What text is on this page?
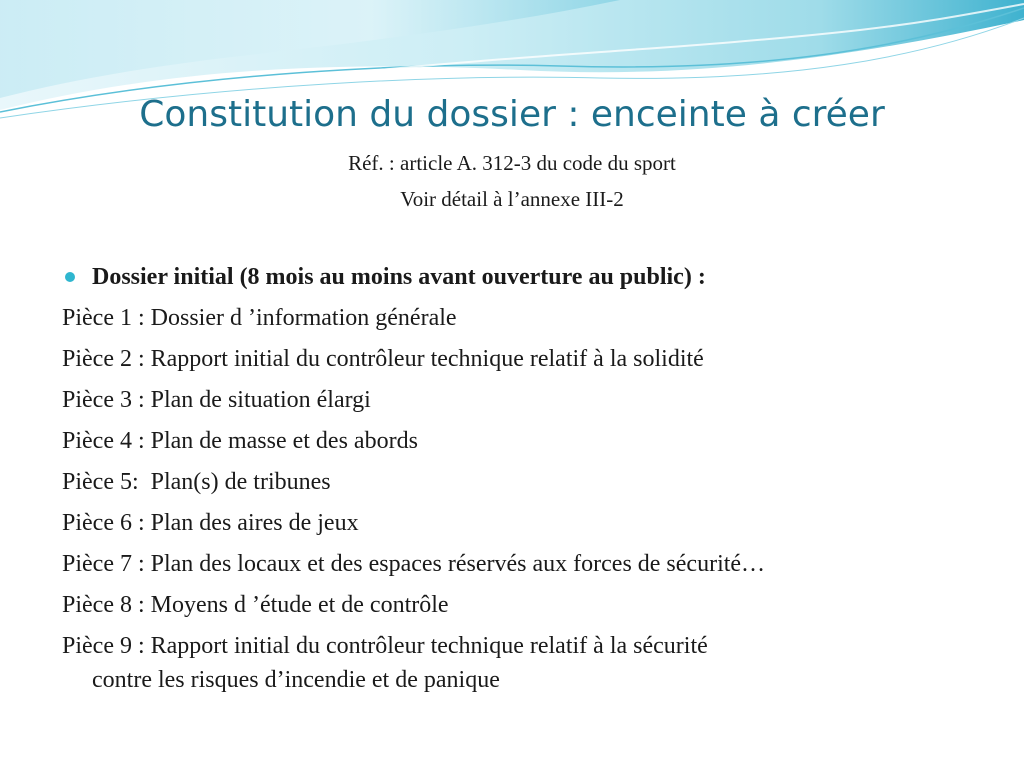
Constitution du dossier : enceinte à créer
Réf. : article A. 312-3 du code du sport
Voir détail à l’annexe III-2
Dossier initial (8 mois au moins avant ouverture au public) :
Pièce 1 : Dossier d ’information générale
Pièce 2 : Rapport initial du contrôleur technique relatif à la solidité
Pièce 3 : Plan de situation élargi
Pièce 4 : Plan de masse et des abords
Pièce 5:  Plan(s) de tribunes
Pièce 6 : Plan des aires de jeux
Pièce 7 : Plan des locaux et des espaces réservés aux forces de sécurité…
Pièce 8 : Moyens d ’étude et de contrôle
Pièce 9 : Rapport initial du contrôleur technique relatif à la sécurité
contre les risques d’incendie et de panique
